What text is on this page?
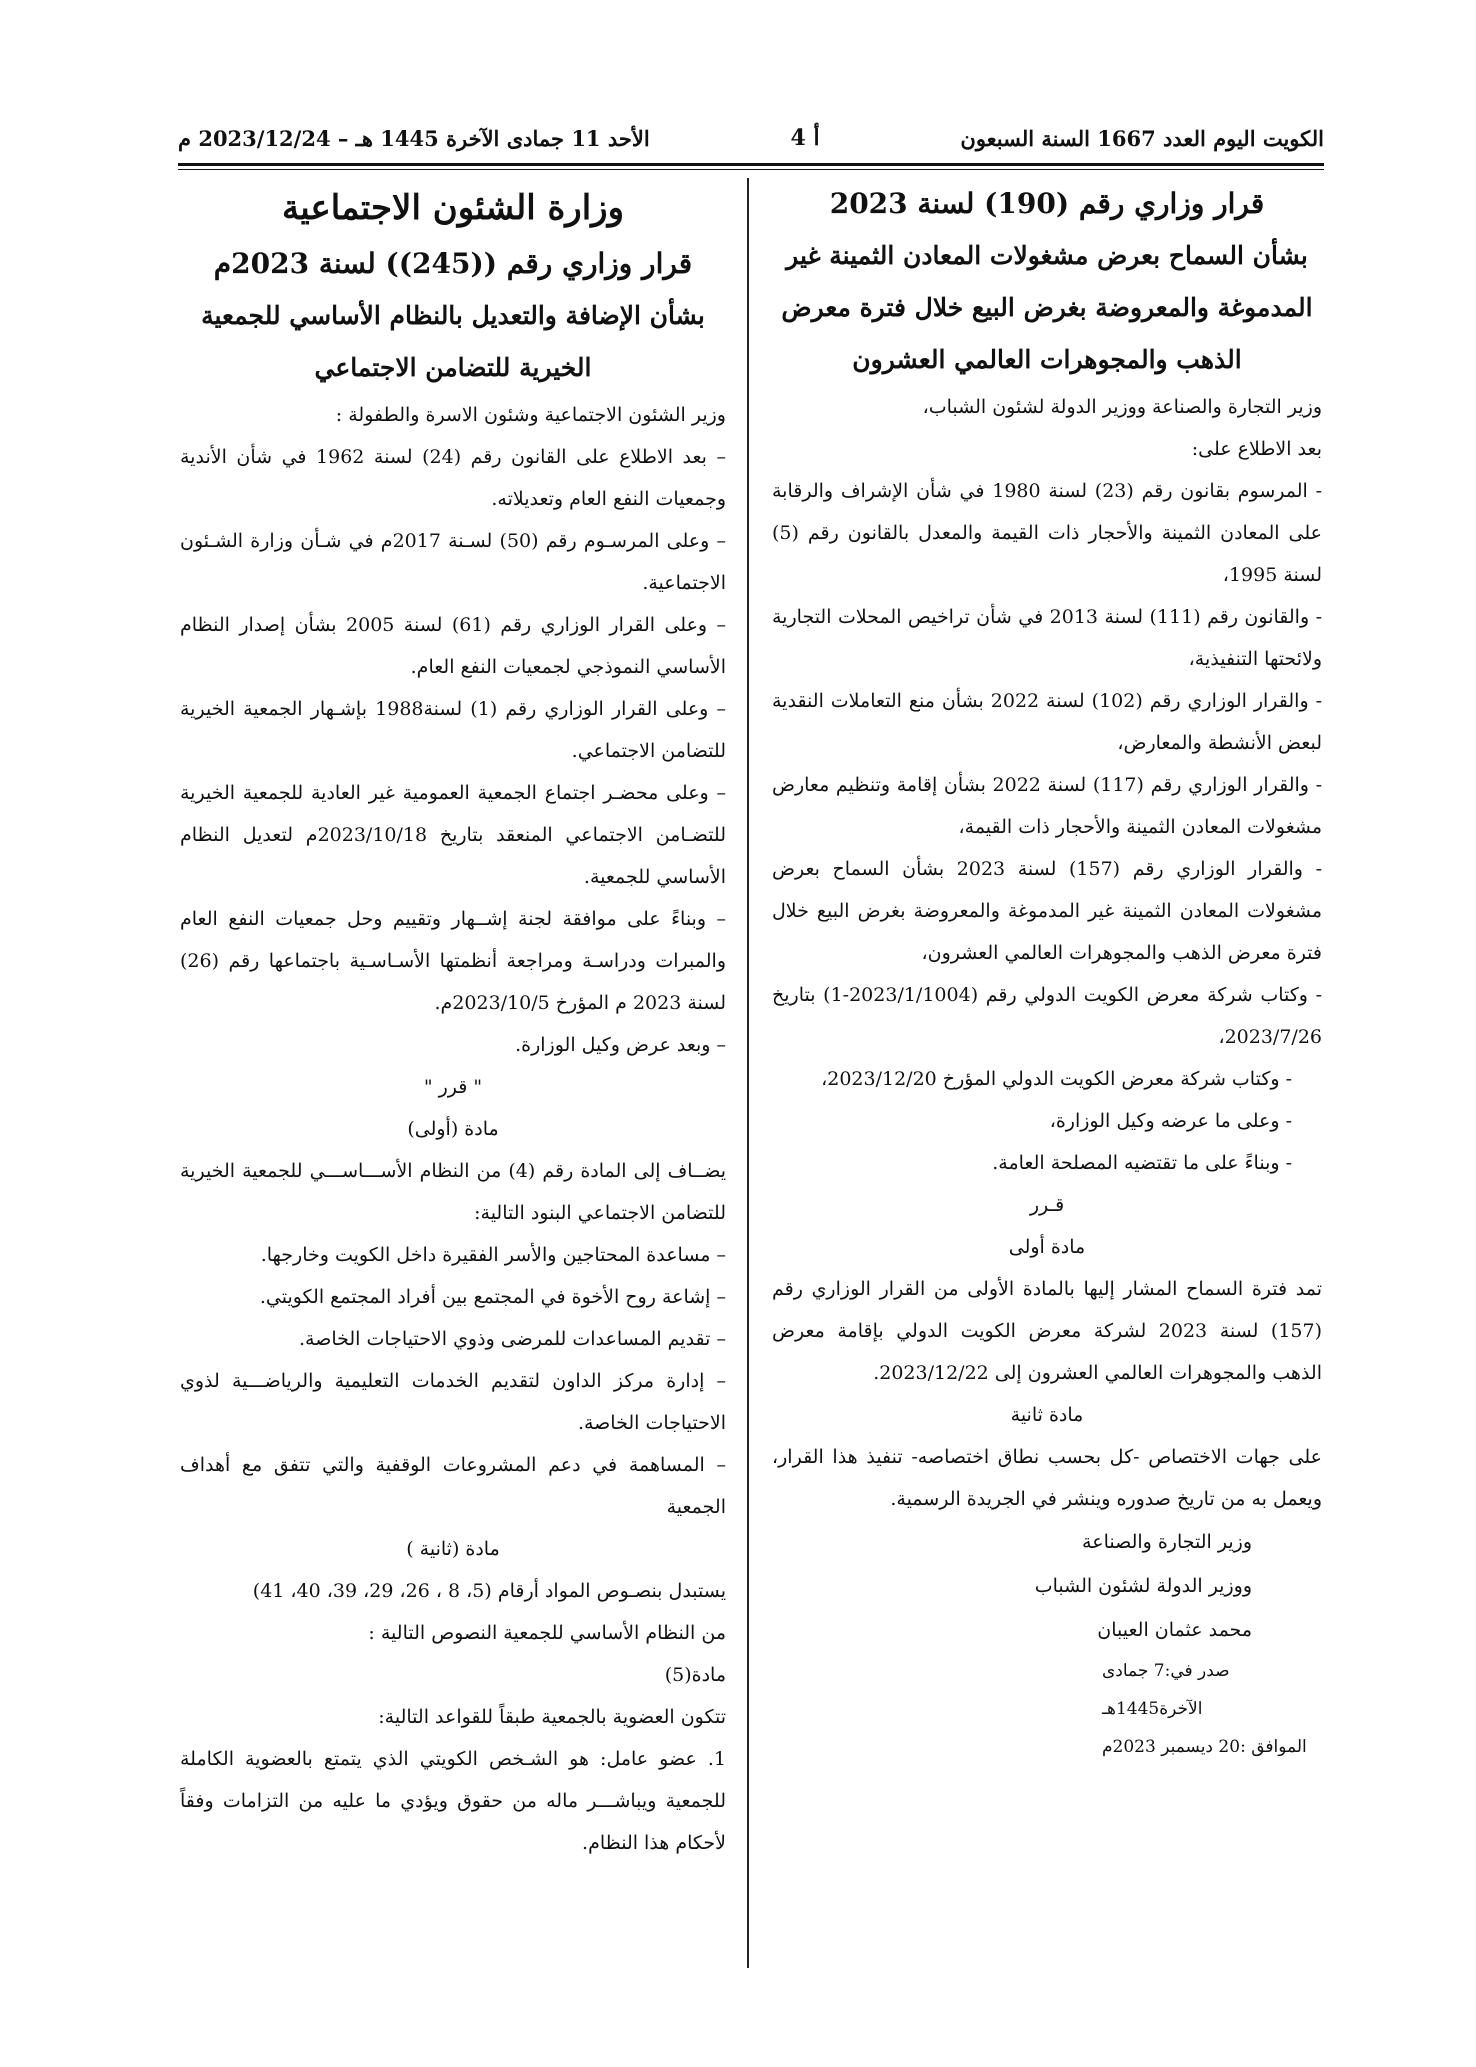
الكويت اليوم العدد 1667 السنة السبعون
أ 4
الأحد 11 جمادى الآخرة 1445 هـ – 2023/12/24 م

قرار وزاري رقم (190) لسنة 2023

بشأن السماح بعرض مشغولات المعادن الثمينة غير

المدموغة والمعروضة بغرض البيع خلال فترة معرض

الذهب والمجوهرات العالمي العشرون

وزير التجارة والصناعة ووزير الدولة لشئون الشباب،

بعد الاطلاع على:

- المرسوم بقانون رقم (23) لسنة 1980 في شأن الإشراف والرقابة على المعادن الثمينة والأحجار ذات القيمة والمعدل بالقانون رقم (5) لسنة 1995،

- والقانون رقم (111) لسنة 2013 في شأن تراخيص المحلات التجارية ولائحتها التنفيذية،

- والقرار الوزاري رقم (102) لسنة 2022 بشأن منع التعاملات النقدية لبعض الأنشطة والمعارض،

- والقرار الوزاري رقم (117) لسنة 2022 بشأن إقامة وتنظيم معارض مشغولات المعادن الثمينة والأحجار ذات القيمة،

- والقرار الوزاري رقم (157) لسنة 2023 بشأن السماح بعرض مشغولات المعادن الثمينة غير المدموغة والمعروضة بغرض البيع خلال فترة معرض الذهب والمجوهرات العالمي العشرون،

- وكتاب شركة معرض الكويت الدولي رقم (2023/1/1004-1) بتاريخ 2023/7/26،

- وكتاب شركة معرض الكويت الدولي المؤرخ 2023/12/20،

- وعلى ما عرضه وكيل الوزارة،

- وبناءً على ما تقتضيه المصلحة العامة.

قـرر

مادة أولى

تمد فترة السماح المشار إليها بالمادة الأولى من القرار الوزاري رقم (157) لسنة 2023 لشركة معرض الكويت الدولي بإقامة معرض الذهب والمجوهرات العالمي العشرون إلى 2023/12/22.

مادة ثانية

على جهات الاختصاص -كل بحسب نطاق اختصاصه- تنفيذ هذا القرار، ويعمل به من تاريخ صدوره وينشر في الجريدة الرسمية.

وزير التجارة والصناعة

ووزير الدولة لشئون الشباب

محمد عثمان العيبان

صدر في:7 جمادى الآخرة1445هـ

الموافق :20 ديسمبر 2023م

وزارة الشئون الاجتماعية

قرار وزاري رقم ((245)) لسنة 2023م

بشأن الإضافة والتعديل بالنظام الأساسي للجمعية

الخيرية للتضامن الاجتماعي

وزير الشئون الاجتماعية وشئون الاسرة والطفولة :

– بعد الاطلاع على القانون رقم (24) لسنة 1962 في شأن الأندية وجمعيات النفع العام وتعديلاته.

– وعلى المرسـوم رقم (50) لسـنة 2017م في شـأن وزارة الشـئون الاجتماعية.

– وعلى القرار الوزاري رقم (61) لسنة 2005 بشأن إصدار النظام الأساسي النموذجي لجمعيات النفع العام.

– وعلى القرار الوزاري رقم (1) لسنة1988 بإشـهار الجمعية الخيرية للتضامن الاجتماعي.

– وعلى محضـر اجتماع الجمعية العمومية غير العادية للجمعية الخيرية للتضـامن الاجتماعي المنعقد بتاريخ 2023/10/18م لتعديل النظام الأساسي للجمعية.

– وبناءً على موافقة لجنة إشــهار وتقييم وحل جمعيات النفع العام والمبرات ودراسـة ومراجعة أنظمتها الأسـاسـية باجتماعها رقم (26) لسنة 2023 م المؤرخ 2023/10/5م.

– وبعد عرض وكيل الوزارة.

" قرر "

مادة (أولى)

يضــاف إلى المادة رقم (4) من النظام الأســـاســـي للجمعية الخيرية للتضامن الاجتماعي البنود التالية:

– مساعدة المحتاجين والأسر الفقيرة داخل الكويت وخارجها.

– إشاعة روح الأخوة في المجتمع بين أفراد المجتمع الكويتي.

– تقديم المساعدات للمرضى وذوي الاحتياجات الخاصة.

– إدارة مركز الداون لتقديم الخدمات التعليمية والرياضـــية لذوي الاحتياجات الخاصة.

– المساهمة في دعم المشروعات الوقفية والتي تتفق مع أهداف الجمعية

مادة (ثانية )

يستبدل بنصـوص المواد أرقام (5، 8 ، 26، 29، 39، 40، 41)

من النظام الأساسي للجمعية النصوص التالية :

مادة(5)

تتكون العضوية بالجمعية طبقاً للقواعد التالية:

1. عضو عامل: هو الشـخص الكويتي الذي يتمتع بالعضوية الكاملة للجمعية ويباشـــر ماله من حقوق ويؤدي ما عليه من التزامات وفقاً لأحكام هذا النظام.
